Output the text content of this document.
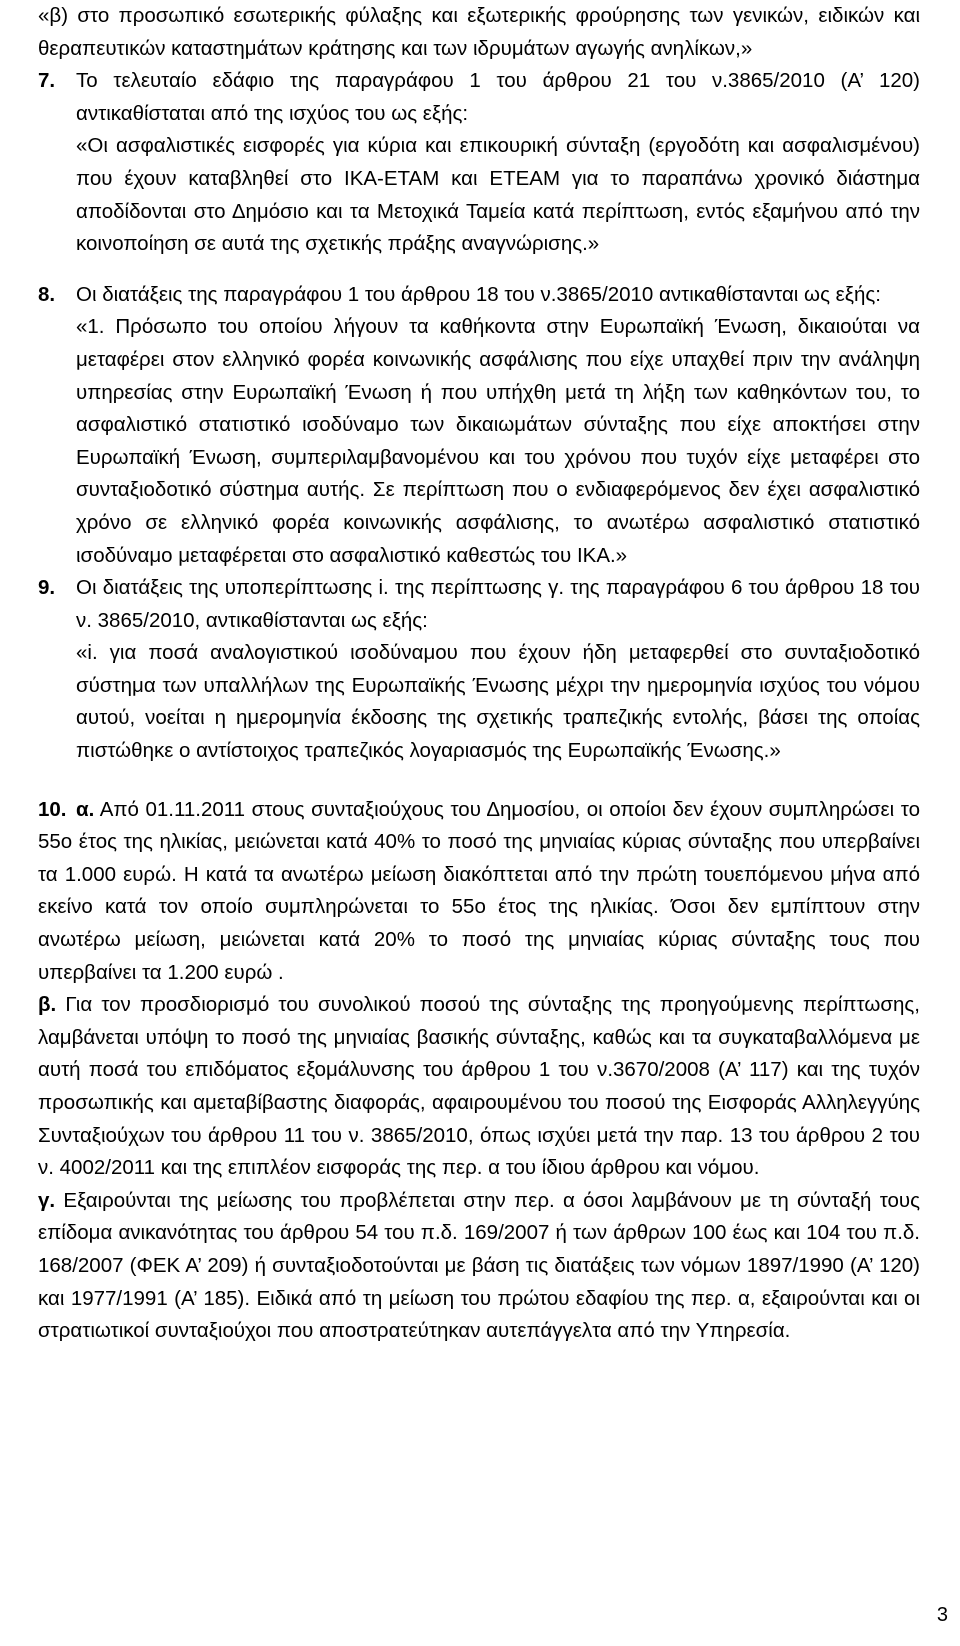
«β) στο προσωπικό εσωτερικής φύλαξης και εξωτερικής φρούρησης των γενικών, ειδικών και θεραπευτικών καταστημάτων κράτησης και των ιδρυμάτων αγωγής ανηλίκων,»

7. Το τελευταίο εδάφιο της παραγράφου 1 του άρθρου 21 του ν.3865/2010 (Α’ 120) αντικαθίσταται από της ισχύος του ως εξής:

«Οι ασφαλιστικές εισφορές για κύρια και επικουρική σύνταξη (εργοδότη και ασφαλισμένου) που έχουν καταβληθεί στο ΙΚΑ-ΕΤΑΜ και ΕΤΕΑΜ για το παραπάνω χρονικό διάστημα αποδίδονται στο Δημόσιο και τα Μετοχικά Ταμεία κατά περίπτωση, εντός εξαμήνου από την κοινοποίηση σε αυτά της σχετικής πράξης αναγνώρισης.»

8. Οι διατάξεις της παραγράφου 1 του άρθρου 18 του ν.3865/2010 αντικαθίστανται ως εξής:

«1. Πρόσωπο του οποίου λήγουν τα καθήκοντα στην Ευρωπαϊκή Ένωση, δικαιούται να μεταφέρει στον ελληνικό φορέα κοινωνικής ασφάλισης που είχε υπαχθεί πριν την ανάληψη υπηρεσίας στην Ευρωπαϊκή Ένωση ή που υπήχθη μετά τη λήξη των καθηκόντων του, το ασφαλιστικό στατιστικό ισοδύναμο των δικαιωμάτων σύνταξης που είχε αποκτήσει στην Ευρωπαϊκή Ένωση, συμπεριλαμβανομένου και του χρόνου που τυχόν είχε μεταφέρει στο συνταξιοδοτικό σύστημα αυτής. Σε περίπτωση που ο ενδιαφερόμενος δεν έχει ασφαλιστικό χρόνο σε ελληνικό φορέα κοινωνικής ασφάλισης, το ανωτέρω ασφαλιστικό στατιστικό ισοδύναμο μεταφέρεται στο ασφαλιστικό καθεστώς του ΙΚΑ.»

9. Οι διατάξεις της υποπερίπτωσης i. της περίπτωσης γ. της παραγράφου 6 του άρθρου 18 του ν. 3865/2010, αντικαθίστανται ως εξής:

«i. για ποσά αναλογιστικού ισοδύναμου που έχουν ήδη μεταφερθεί στο συνταξιοδοτικό σύστημα των υπαλλήλων της Ευρωπαϊκής Ένωσης μέχρι την ημερομηνία ισχύος του νόμου αυτού, νοείται η ημερομηνία έκδοσης της σχετικής τραπεζικής εντολής, βάσει της οποίας πιστώθηκε ο αντίστοιχος τραπεζικός λογαριασμός της Ευρωπαϊκής Ένωσης.»

10. α. Από 01.11.2011 στους συνταξιούχους του Δημοσίου, οι οποίοι δεν έχουν συμπληρώσει το 55ο έτος της ηλικίας, μειώνεται κατά 40% το ποσό της μηνιαίας κύριας σύνταξης που υπερβαίνει τα 1.000 ευρώ. Η κατά τα ανωτέρω μείωση διακόπτεται από την πρώτη τουεπόμενου μήνα από εκείνο κατά τον οποίο συμπληρώνεται το 55ο έτος της ηλικίας. Όσοι δεν εμπίπτουν στην ανωτέρω μείωση, μειώνεται κατά 20% το ποσό της μηνιαίας κύριας σύνταξης τους που υπερβαίνει τα 1.200 ευρώ .

β. Για τον προσδιορισμό του συνολικού ποσού της σύνταξης της προηγούμενης περίπτωσης, λαμβάνεται υπόψη το ποσό της μηνιαίας βασικής σύνταξης, καθώς και τα συγκαταβαλλόμενα με αυτή ποσά του επιδόματος εξομάλυνσης του άρθρου 1 του ν.3670/2008 (Α’ 117) και της τυχόν προσωπικής και αμεταβίβαστης διαφοράς, αφαιρουμένου του ποσού της Εισφοράς Αλληλεγγύης Συνταξιούχων του άρθρου 11 του ν. 3865/2010, όπως ισχύει μετά την παρ. 13 του άρθρου 2 του ν. 4002/2011 και της επιπλέον εισφοράς της περ. α του ίδιου άρθρου και νόμου.

γ. Εξαιρούνται της μείωσης του προβλέπεται στην περ. α όσοι λαμβάνουν με τη σύνταξή τους επίδομα ανικανότητας του άρθρου 54 του π.δ. 169/2007 ή των άρθρων 100 έως και 104 του π.δ. 168/2007 (ΦΕΚ Α’ 209) ή συνταξιοδοτούνται με βάση τις διατάξεις των νόμων 1897/1990 (Α’ 120) και 1977/1991 (Α’ 185). Ειδικά από τη μείωση του πρώτου εδαφίου της περ. α, εξαιρούνται και οι στρατιωτικοί συνταξιούχοι που αποστρατεύτηκαν αυτεπάγγελτα από την Υπηρεσία.

3
